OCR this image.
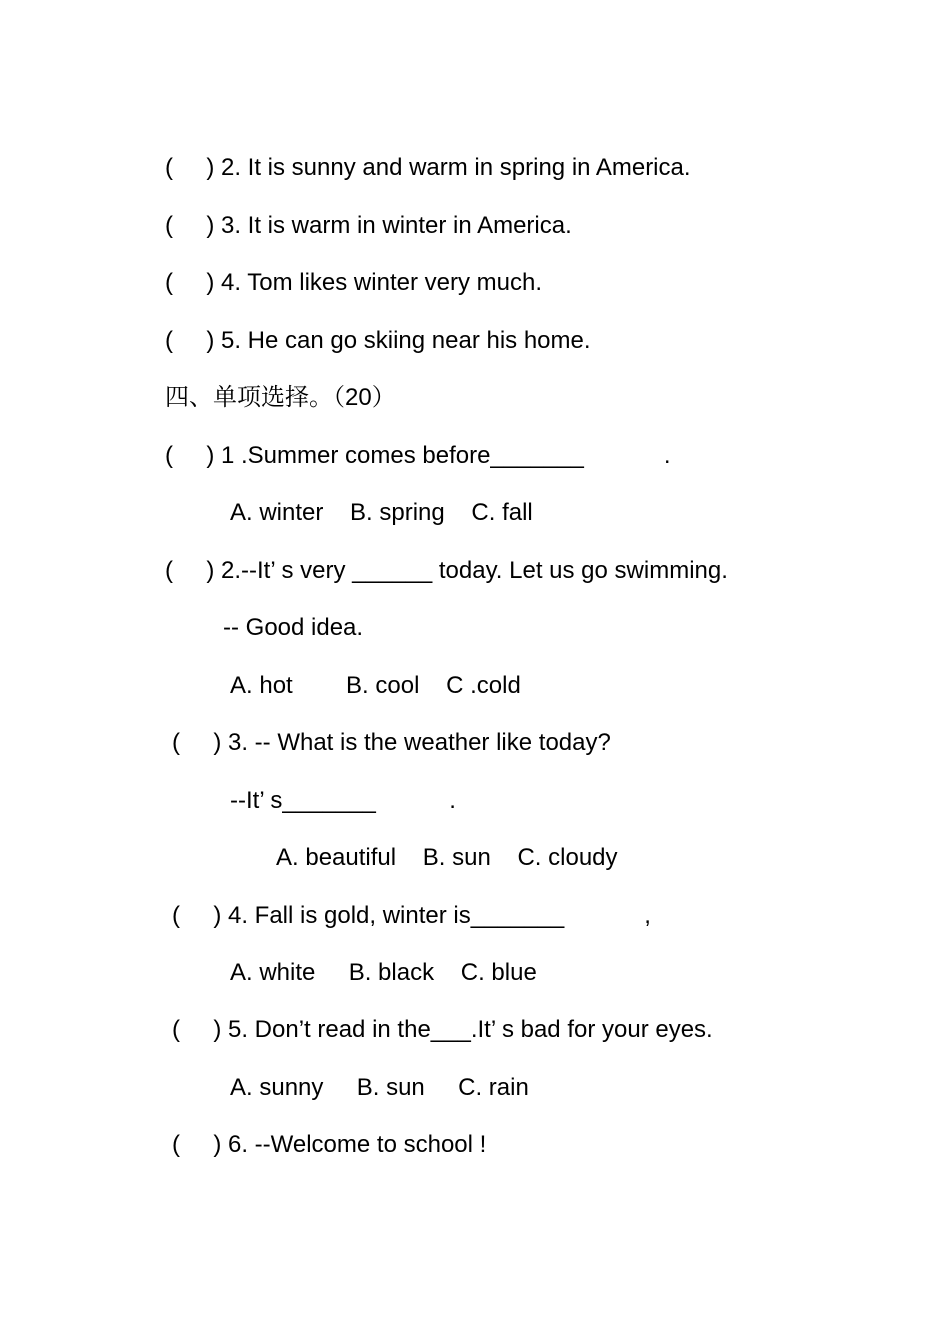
(     ) 2. It is sunny and warm in spring in America.
(     ) 3. It is warm in winter in America.
(     ) 4. Tom likes winter very much.
(     ) 5. He can go skiing near his home.
四、单项选择。（20）
(     ) 1 .Summer comes before_______            .
A. winter    B. spring    C. fall
(     ) 2.--It’ s very ______ today. Let us go swimming.
-- Good idea.
A. hot        B. cool    C .cold
(     ) 3. -- What is the weather like today?
--It’ s_______           .
A. beautiful    B. sun    C. cloudy
(     ) 4. Fall is gold, winter is_______            ,
A. white     B. black    C. blue
(     ) 5. Don’t read in the___.It’ s bad for your eyes.
A. sunny     B. sun     C. rain
(     ) 6. --Welcome to school !
